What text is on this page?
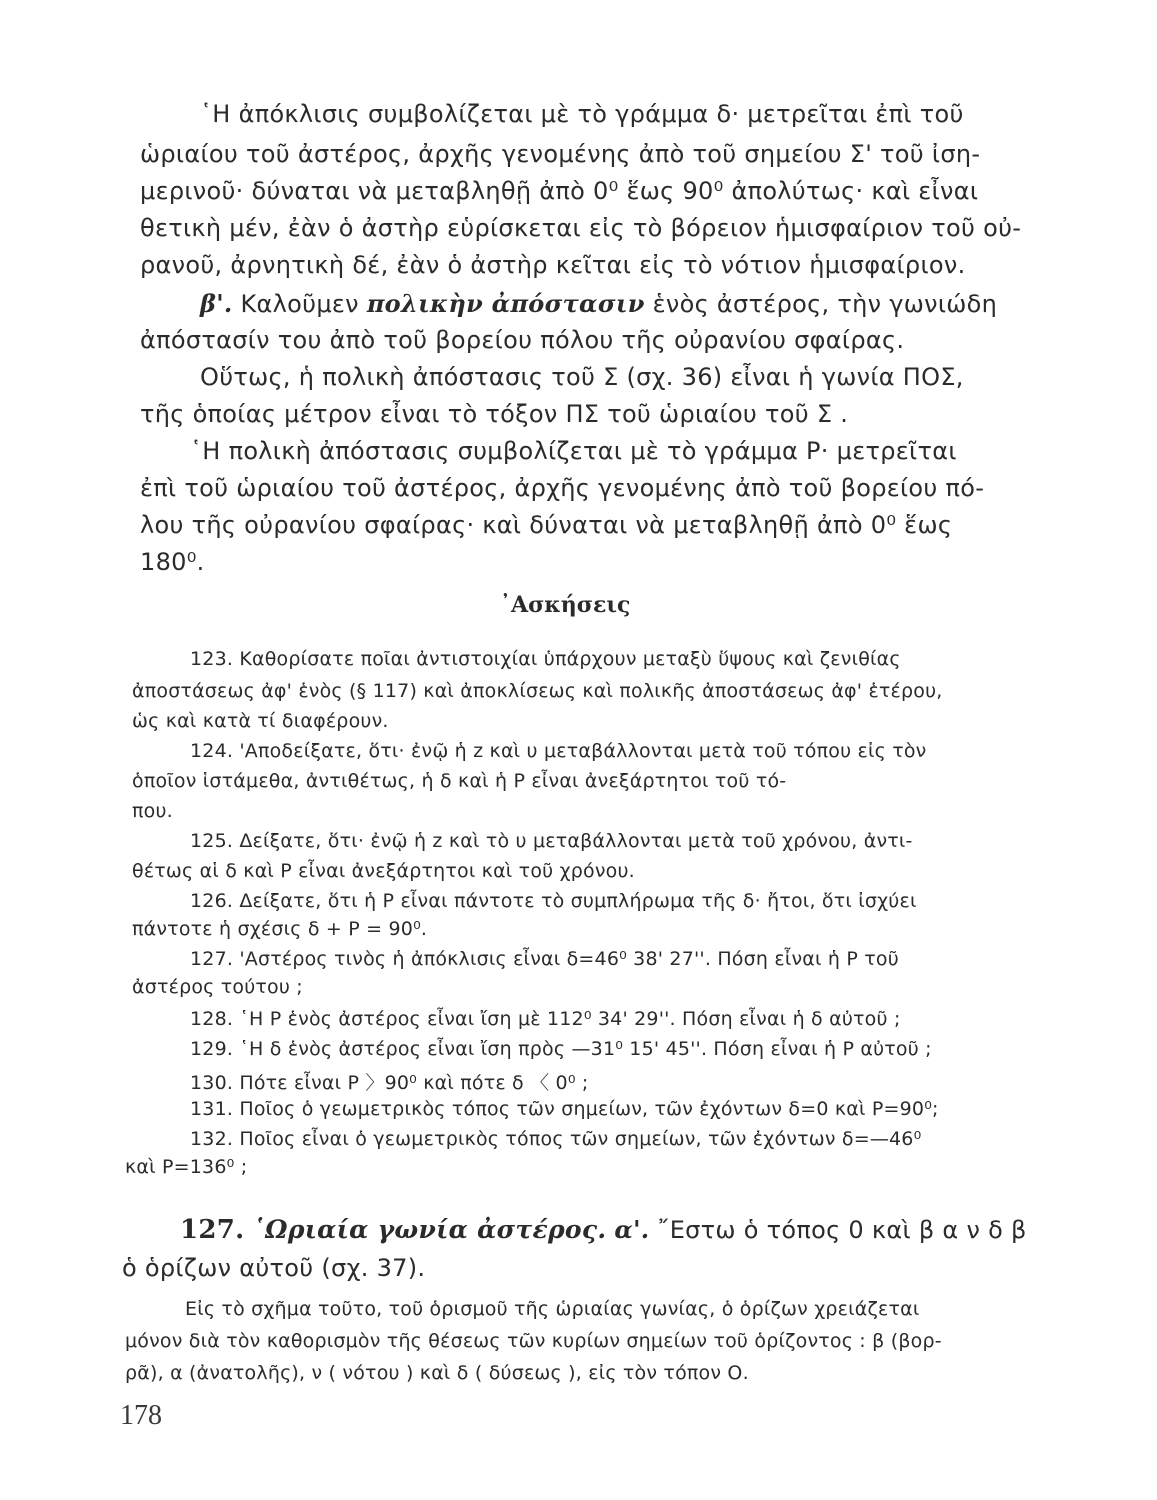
῾Η ἀπόκλισις συμβολίζεται μὲ τὸ γράμμα δ· μετρεῖται ἐπὶ τοῦ
ὡριαίου τοῦ ἀστέρος, ἀρχῆς γενομένης ἀπὸ τοῦ σημείου Σ' τοῦ ἰση-
μερινοῦ· δύναται νὰ μεταβληθῇ ἀπὸ 0⁰ ἕως 90⁰ ἀπολύτως· καὶ εἶναι
θετικὴ μέν, ἐὰν ὁ ἀστὴρ εὑρίσκεται εἰς τὸ βόρειον ἡμισφαίριον τοῦ οὐ-
ρανοῦ, ἀρνητικὴ δέ, ἐὰν ὁ ἀστὴρ κεῖται εἰς τὸ νότιον ἡμισφαίριον.
β'. Καλοῦμεν πολικὴν ἀπόστασιν ἑνὸς ἀστέρος, τὴν γωνιώδη
ἀπόστασίν του ἀπὸ τοῦ βορείου πόλου τῆς οὐρανίου σφαίρας.
Οὕτως, ἡ πολικὴ ἀπόστασις τοῦ Σ (σχ. 36) εἶναι ἡ γωνία ΠΟΣ,
τῆς ὁποίας μέτρον εἶναι τὸ τόξον ΠΣ τοῦ ὡριαίου τοῦ Σ .
῾Η πολικὴ ἀπόστασις συμβολίζεται μὲ τὸ γράμμα Ρ· μετρεῖται
ἐπὶ τοῦ ὡριαίου τοῦ ἀστέρος, ἀρχῆς γενομένης ἀπὸ τοῦ βορείου πό-
λου τῆς οὐρανίου σφαίρας· καὶ δύναται νὰ μεταβληθῇ ἀπὸ 0⁰ ἕως
180⁰.
᾿Ασκήσεις
123. Καθορίσατε ποῖαι ἀντιστοιχίαι ὑπάρχουν μεταξὺ ὕψους καὶ ζενιθίας
ἀποστάσεως ἀφ' ἑνὸς (§ 117) καὶ ἀποκλίσεως καὶ πολικῆς ἀποστάσεως ἀφ' ἑτέρου,
ὡς καὶ κατὰ τί διαφέρουν.
124. 'Αποδείξατε, ὅτι· ἐνῷ ἡ z καὶ υ μεταβάλλονται μετὰ τοῦ τόπου εἰς τὸν
ὁποῖον ἱστάμεθα, ἀντιθέτως, ἡ δ καὶ ἡ Ρ εἶναι ἀνεξάρτητοι τοῦ τό-
που.
125. Δείξατε, ὅτι· ἐνῷ ἡ z καὶ τὸ υ μεταβάλλονται μετὰ τοῦ χρόνου, ἀντι-
θέτως αἱ δ καὶ Ρ εἶναι ἀνεξάρτητοι καὶ τοῦ χρόνου.
126. Δείξατε, ὅτι ἡ Ρ εἶναι πάντοτε τὸ συμπλήρωμα τῆς δ· ἤτοι, ὅτι ἰσχύει
πάντοτε ἡ σχέσις δ + Ρ = 90⁰.
127. 'Αστέρος τινὸς ἡ ἀπόκλισις εἶναι δ=46⁰ 38' 27''. Πόση εἶναι ἡ Ρ τοῦ
ἀστέρος τούτου ;
128. ῾Η Ρ ἑνὸς ἀστέρος εἶναι ἴση μὲ 112⁰ 34' 29''. Πόση εἶναι ἡ δ αὐτοῦ ;
129. ῾Η δ ἑνὸς ἀστέρος εἶναι ἴση πρὸς —31⁰ 15' 45''. Πόση εἶναι ἡ Ρ αὐτοῦ ;
130. Πότε εἶναι Ρ 〉90⁰ καὶ πότε δ 〈 0⁰ ;
131. Ποῖος ὁ γεωμετρικὸς τόπος τῶν σημείων, τῶν ἐχόντων δ=0 καὶ Ρ=90⁰;
132. Ποῖος εἶναι ὁ γεωμετρικὸς τόπος τῶν σημείων, τῶν ἐχόντων δ=—46⁰
καὶ Ρ=136⁰ ;
127. ῾Ωριαία γωνία ἀστέρος. α'. ῎Εστω ὁ τόπος 0 καὶ β α ν δ β
ὁ ὁρίζων αὐτοῦ (σχ. 37).
Εἰς τὸ σχῆμα τοῦτο, τοῦ ὁρισμοῦ τῆς ὡριαίας γωνίας, ὁ ὁρίζων χρειάζεται
μόνον διὰ τὸν καθορισμὸν τῆς θέσεως τῶν κυρίων σημείων τοῦ ὁρίζοντος : β (βορ-
ρᾶ), α (ἀνατολῆς), ν ( νότου ) καὶ δ ( δύσεως ), εἰς τὸν τόπον Ο.
178
